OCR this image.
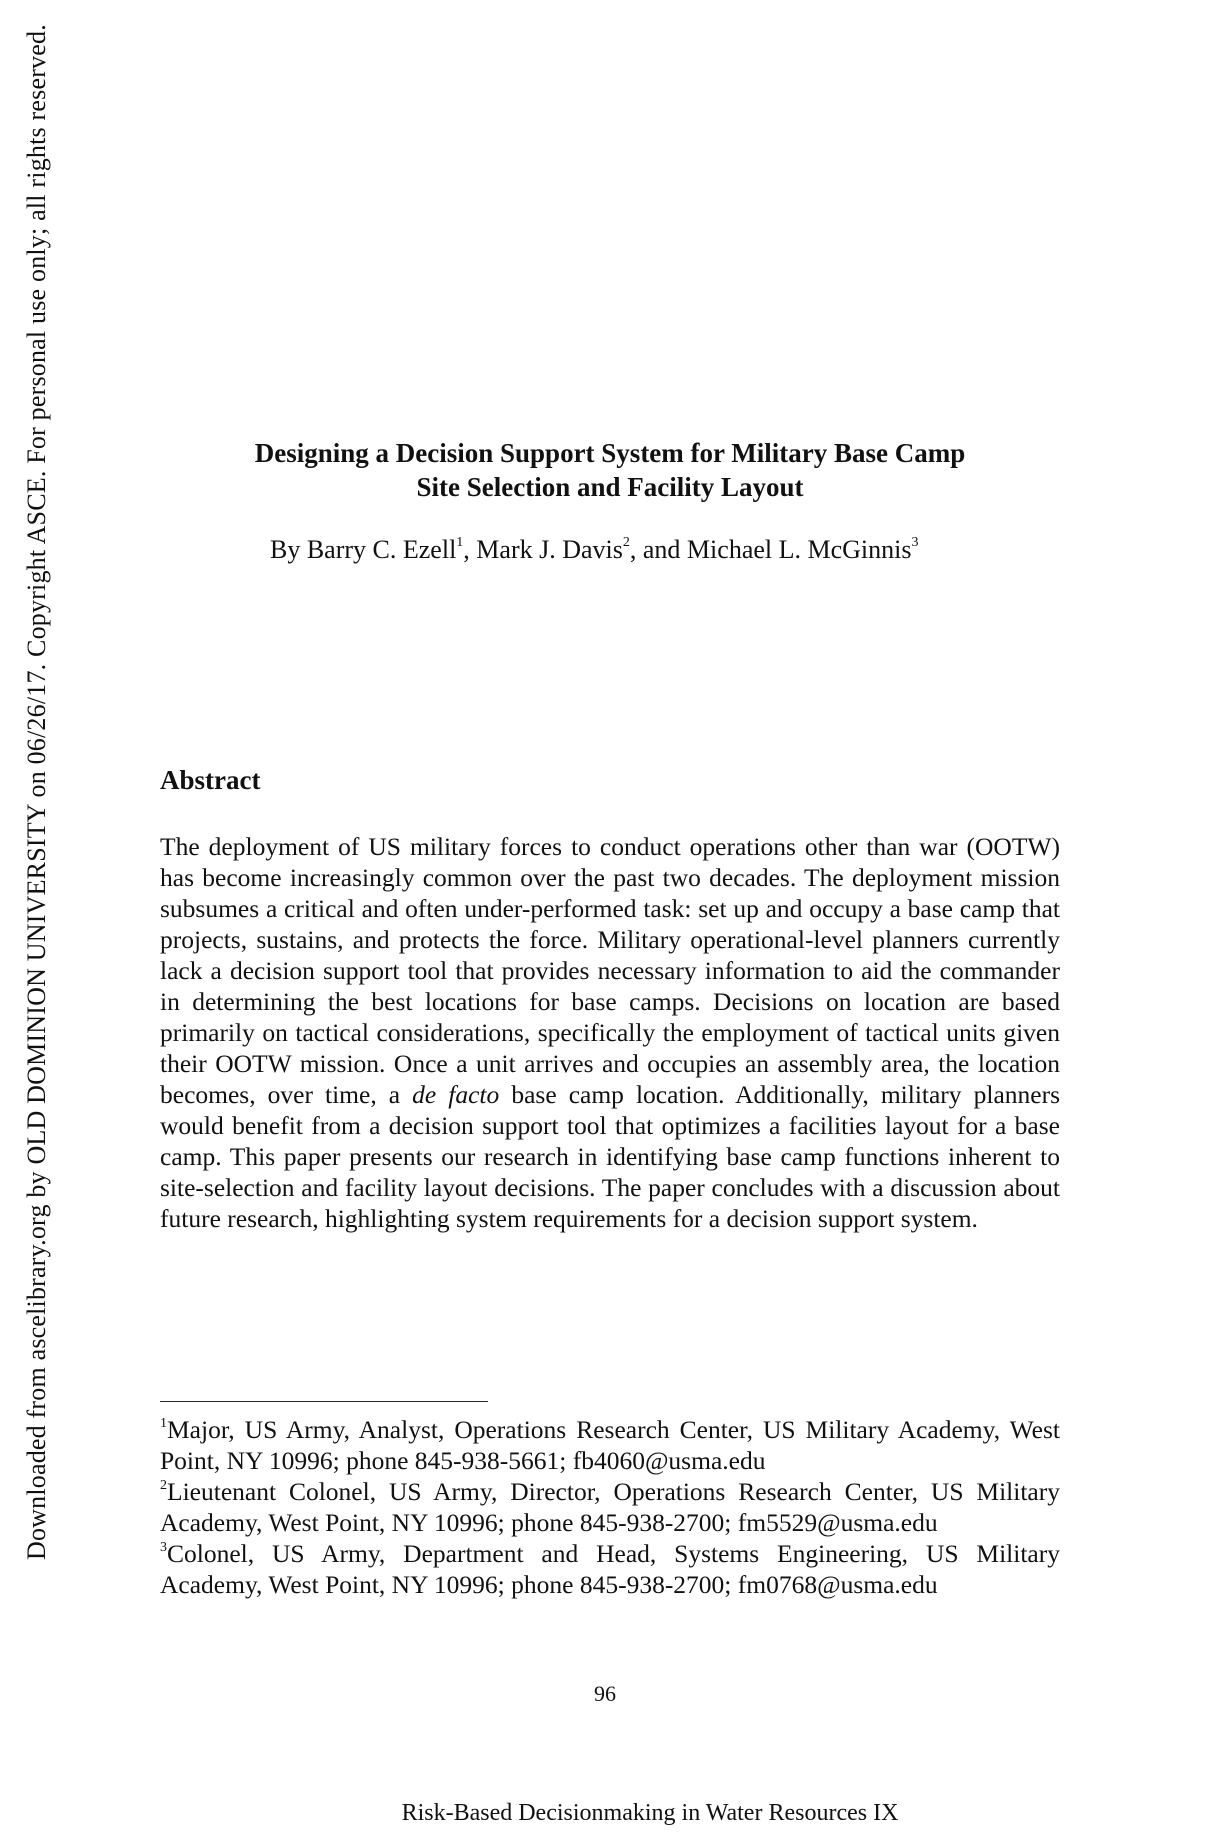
Downloaded from ascelibrary.org by OLD DOMINION UNIVERSITY on 06/26/17. Copyright ASCE. For personal use only; all rights reserved.	Designing a Decision Support System for Military Base Camp
Site Selection and Facility Layout
By Barry C. Ezell$^1$, Mark J. Davis$^2$, and Michael L. McGinnis$^3$
Abstract

The deployment of US military forces to conduct operations other than war (OOTW) has become increasingly common over the past two decades. The deployment mission subsumes a critical and often under-performed task: set up and occupy a base camp that projects, sustains, and protects the force. Military operational-level planners currently lack a decision support tool that provides necessary information to aid the commander in determining the best locations for base camps. Decisions on location are based primarily on tactical considerations, specifically the employment of tactical units given their OOTW mission. Once a unit arrives and occupies an assembly area, the location becomes, over time, a de facto base camp location. Additionally, military planners would benefit from a decision support tool that optimizes a facilities layout for a base camp. This paper presents our research in identifying base camp functions inherent to site-selection and facility layout decisions. The paper concludes with a discussion about future research, highlighting system requirements for a decision support system.

$^1$Major, US Army, Analyst, Operations Research Center, US Military Academy, West Point, NY 10996; phone 845-938-5661; fb4060@usma.edu

$^2$Lieutenant Colonel, US Army, Director, Operations Research Center, US Military Academy, West Point, NY 10996; phone 845-938-2700; fm5529@usma.edu

$^3$Colonel, US Army, Department and Head, Systems Engineering, US Military Academy, West Point, NY 10996; phone 845-938-2700; fm0768@usma.edu

96
Risk-Based Decisionmaking in Water Resources IX
